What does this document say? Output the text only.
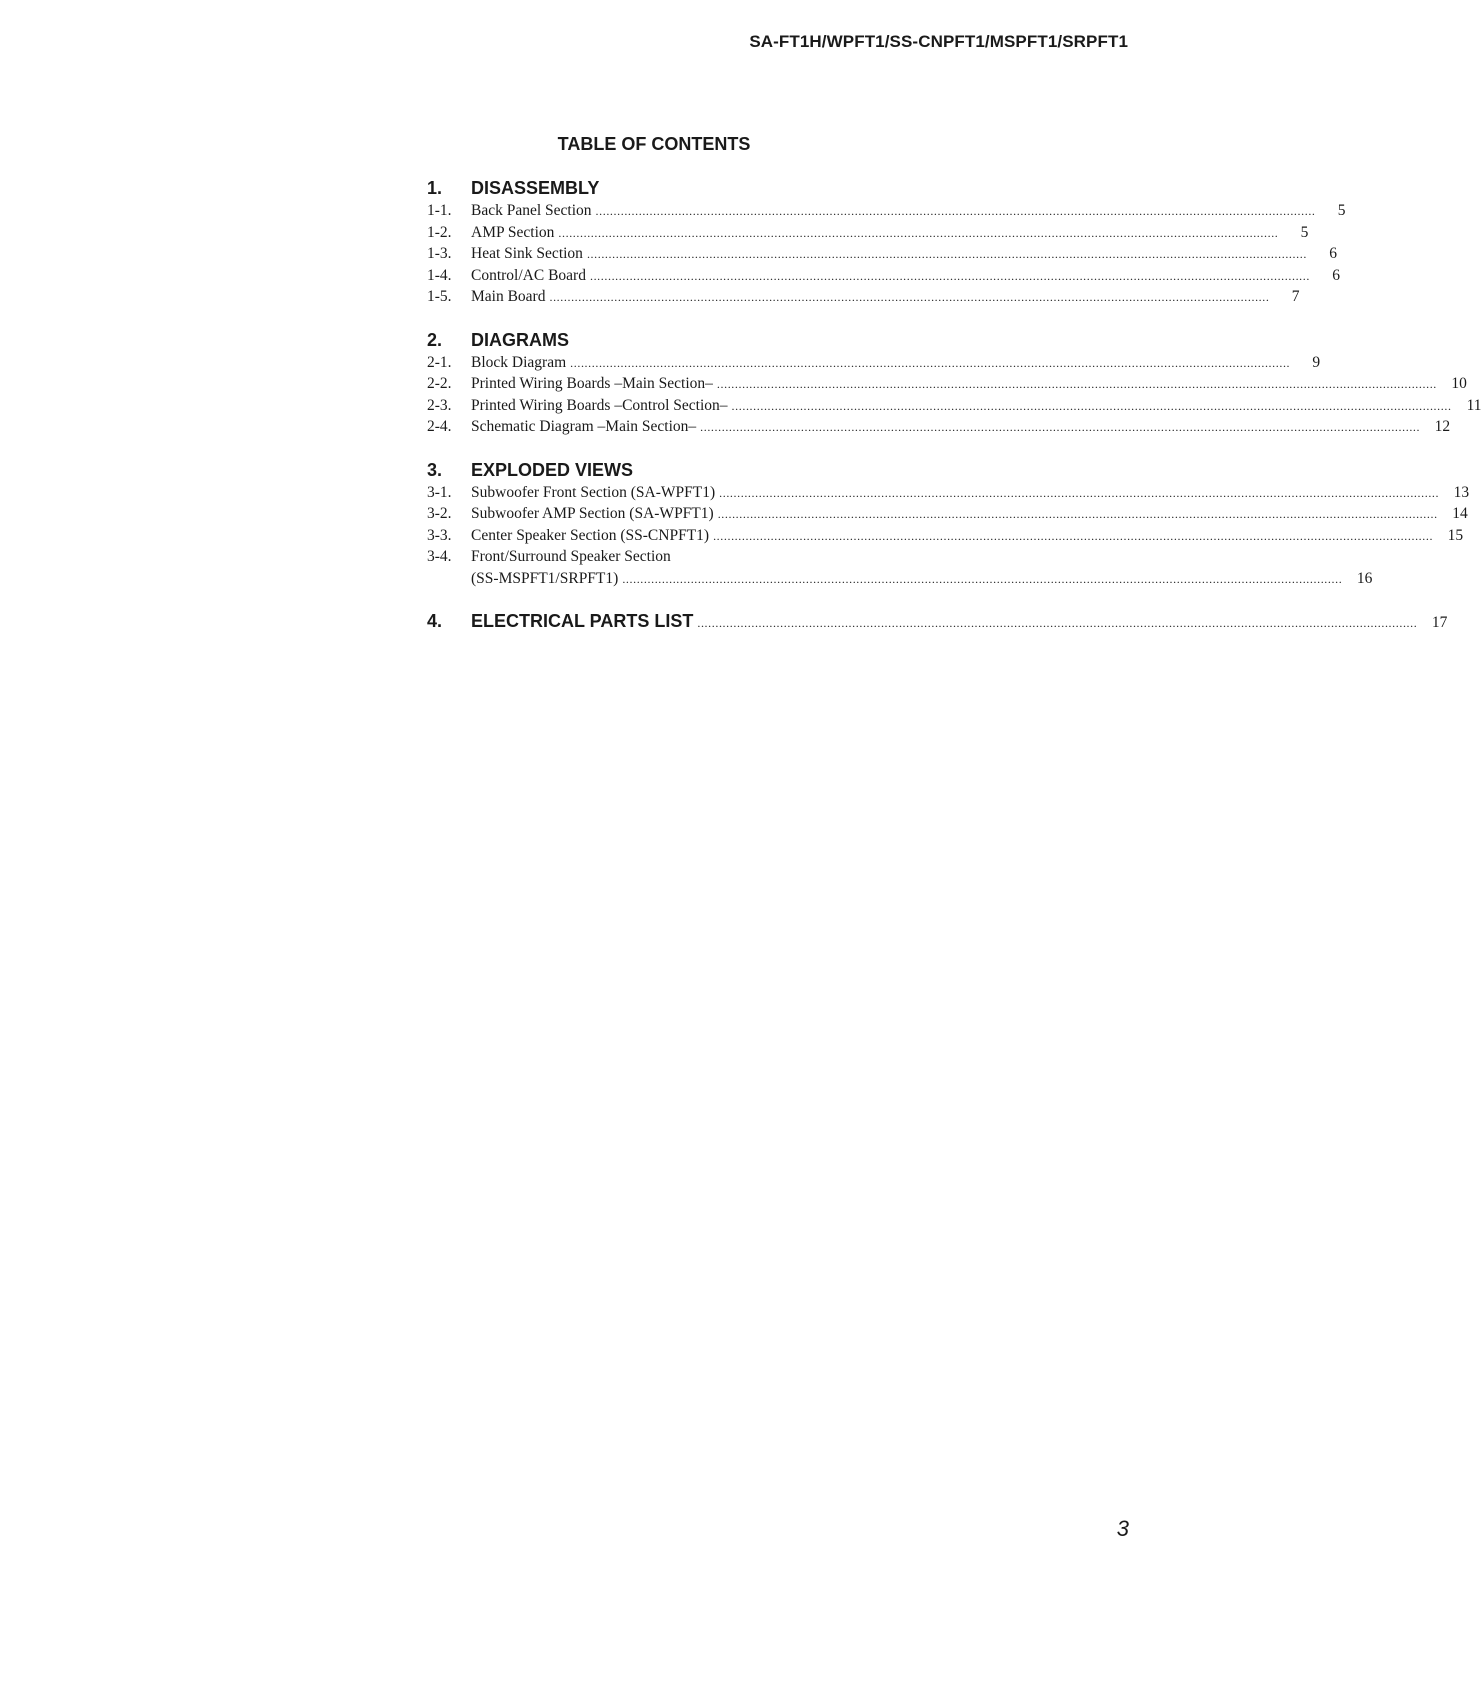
SA-FT1H/WPFT1/SS-CNPFT1/MSPFT1/SRPFT1
TABLE OF CONTENTS
1.	DISASSEMBLY
1-1.	Back Panel Section ........................................................................................................................................................................................................	5
1-2.	AMP Section ........................................................................................................................................................................................................	5
1-3.	Heat Sink Section ........................................................................................................................................................................................................	6
1-4.	Control/AC Board ........................................................................................................................................................................................................	6
1-5.	Main Board ........................................................................................................................................................................................................	7
2.	DIAGRAMS
2-1.	Block Diagram ........................................................................................................................................................................................................	9
2-2.	Printed Wiring Boards –Main Section– ........................................................................................................................................................................................................ 10
2-3.	Printed Wiring Boards –Control Section– ........................................................................................................................................................................................................ 11
2-4.	Schematic Diagram –Main Section– ........................................................................................................................................................................................................ 12
3.	EXPLODED VIEWS
3-1.	Subwoofer Front Section (SA-WPFT1) ........................................................................................................................................................................................................ 13
3-2.	Subwoofer AMP Section (SA-WPFT1) ........................................................................................................................................................................................................ 14
3-3.	Center Speaker Section (SS-CNPFT1) ........................................................................................................................................................................................................ 15
3-4.	Front/Surround Speaker Section
(SS-MSPFT1/SRPFT1) ........................................................................................................................................................................................................ 16
4.	ELECTRICAL PARTS LIST ........................................................................................................................................................................................................ 17
3
